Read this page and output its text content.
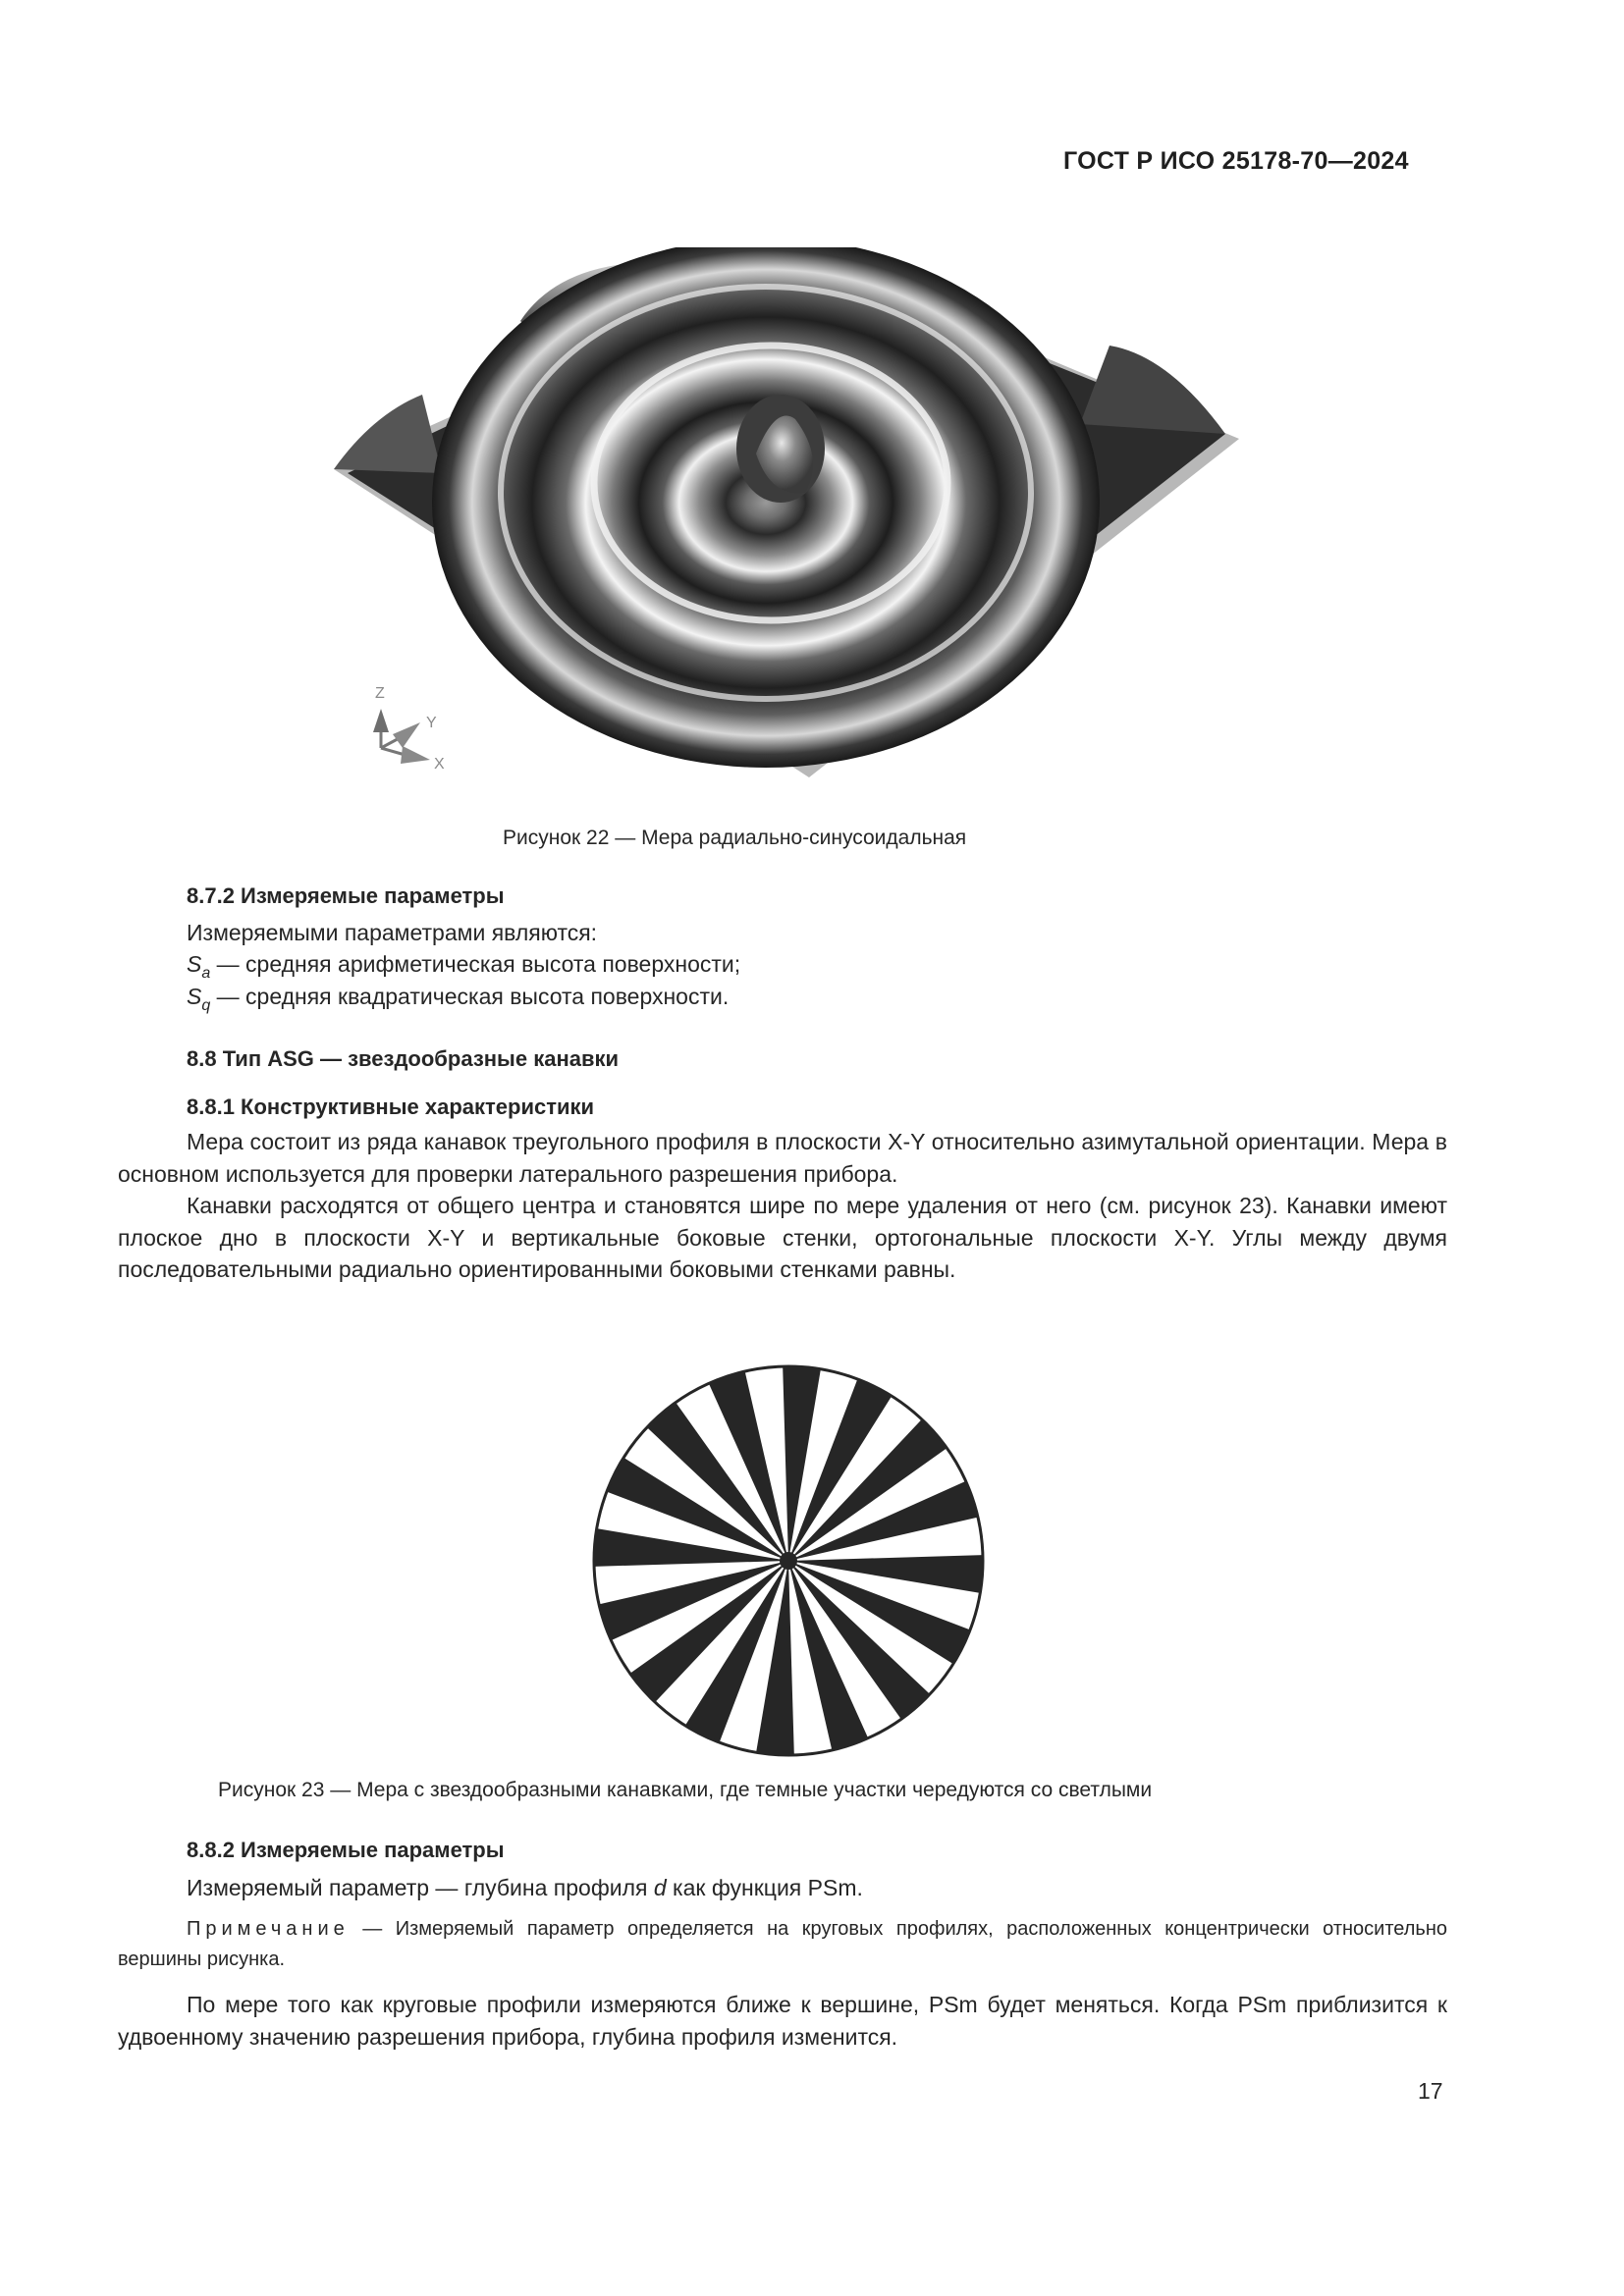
ГОСТ Р ИСО 25178-70—2024
Z
Y
X
Рисунок 22 — Мера радиально-синусоидальная
8.7.2 Измеряемые параметры
Измеряемыми параметрами являются:
$S_a$ — средняя арифметическая высота поверхности;
$S_q$ — средняя квадратическая высота поверхности.
8.8 Тип ASG — звездообразные канавки
8.8.1 Конструктивные характеристики

Мера состоит из ряда канавок треугольного профиля в плоскости X-Y относительно азимутальной ориентации. Мера в основном используется для проверки латерального разрешения прибора.

Канавки расходятся от общего центра и становятся шире по мере удаления от него (см. рисунок 23). Канавки имеют плоское дно в плоскости X-Y и вертикальные боковые стенки, ортогональные плоскости X-Y. Углы между двумя последовательными радиально ориентированными боковыми стенками равны.

Рисунок 23 — Мера с звездообразными канавками, где темные участки чередуются со светлыми
8.8.2 Измеряемые параметры
Измеряемый параметр — глубина профиля d как функция PSm.
Примечание — Измеряемый параметр определяется на круговых профилях, расположенных концентрически относительно вершины рисунка.
По мере того как круговые профили измеряются ближе к вершине, PSm будет меняться. Когда PSm приблизится к удвоенному значению разрешения прибора, глубина профиля изменится.
17
